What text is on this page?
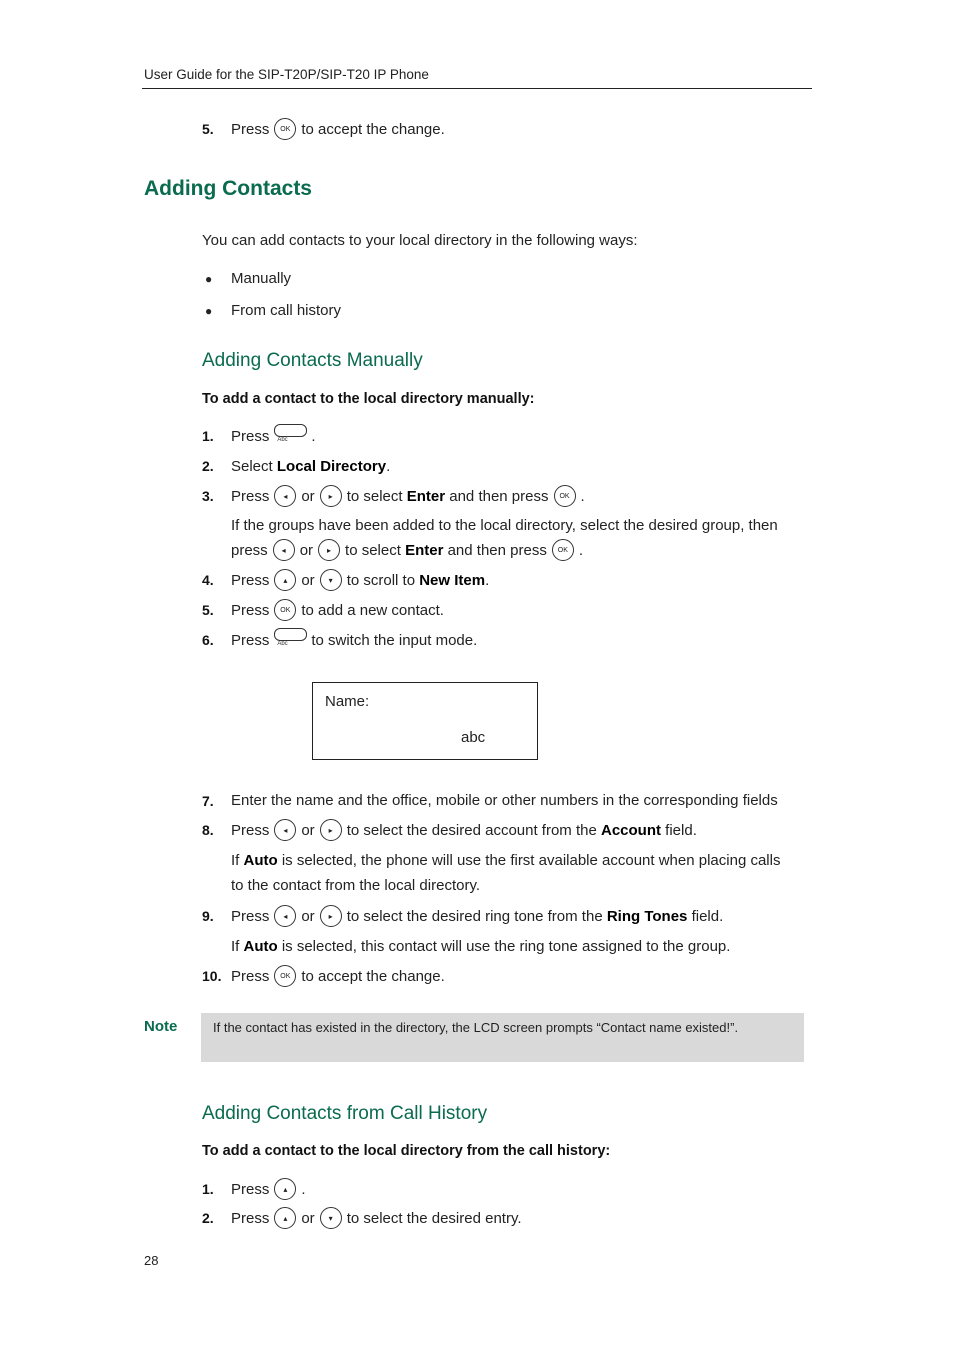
User Guide for the SIP-T20P/SIP-T20 IP Phone
5. Press	OK to accept the change.
Adding Contacts
You can add contacts to your local directory in the following ways:
● Manually
● From call history
Adding Contacts Manually
To add a contact to the local directory manually:
1. Press Abc .
2. Select
Local Directory .
3. Press	◂ or	▸ to select
Enter
and then press	OK .
If the groups have been added to the local directory, select the desired group, then
press	◂ or	▸ to select
Enter
and then press	OK .
4. Press	▴ or	▾ to scroll to
New Item .
5. Press	OK to add a new contact.
6. Press Abc to switch the input mode.
Name:
abc
7. Enter the name and the office, mobile or other numbers in the corresponding fields
8. Press	◂ or	▸ to select the desired account from the
Account
field.
If
Auto
is selected, the phone will use the first available account when placing calls
to the contact from the local directory.
9. Press	◂ or	▸ to select the desired ring tone from the
Ring Tones
field.
If
Auto
is selected, this contact will use the ring tone assigned to the group.
10. Press	OK to accept the change.
Note	If the contact has existed in the directory, the LCD screen prompts “Contact name existed!”.
Adding Contacts from Call History
To add a contact to the local directory from the call history:
1. Press	▴ .
2. Press	▴ or	▾ to select the desired entry.
28
